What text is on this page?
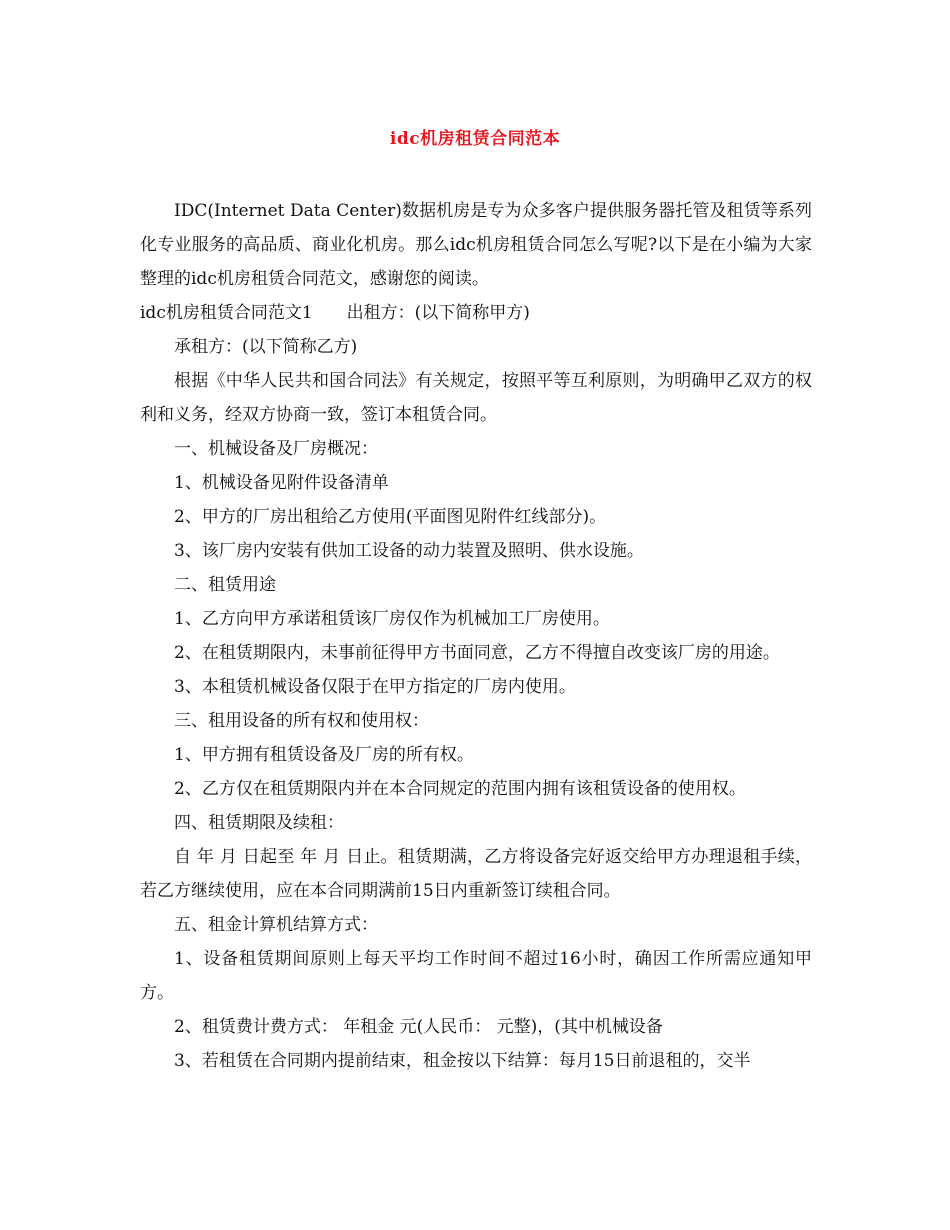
idc机房租赁合同范本

IDC(Internet Data Center)数据机房是专为众多客户提供服务器托管及租赁等系列化专业服务的高品质、商业化机房。那么idc机房租赁合同怎么写呢?以下是在小编为大家整理的idc机房租赁合同范文，感谢您的阅读。

idc机房租赁合同范文1 出租方：(以下简称甲方)

承租方：(以下简称乙方)

根据《中华人民共和国合同法》有关规定，按照平等互利原则，为明确甲乙双方的权利和义务，经双方协商一致，签订本租赁合同。

一、机械设备及厂房概况：

1、机械设备见附件设备清单

2、甲方的厂房出租给乙方使用(平面图见附件红线部分)。

3、该厂房内安装有供加工设备的动力装置及照明、供水设施。

二、租赁用途

1、乙方向甲方承诺租赁该厂房仅作为机械加工厂房使用。

2、在租赁期限内，未事前征得甲方书面同意，乙方不得擅自改变该厂房的用途。

3、本租赁机械设备仅限于在甲方指定的厂房内使用。

三、租用设备的所有权和使用权：

1、甲方拥有租赁设备及厂房的所有权。

2、乙方仅在租赁期限内并在本合同规定的范围内拥有该租赁设备的使用权。

四、租赁期限及续租：

自 年 月 日起至 年 月 日止。租赁期满，乙方将设备完好返交给甲方办理退租手续，若乙方继续使用，应在本合同期满前15日内重新签订续租合同。

五、租金计算机结算方式：

1、设备租赁期间原则上每天平均工作时间不超过16小时，确因工作所需应通知甲方。

2、租赁费计费方式： 年租金 元(人民币： 元整)，(其中机械设备

3、若租赁在合同期内提前结束，租金按以下结算：每月15日前退租的，交半
